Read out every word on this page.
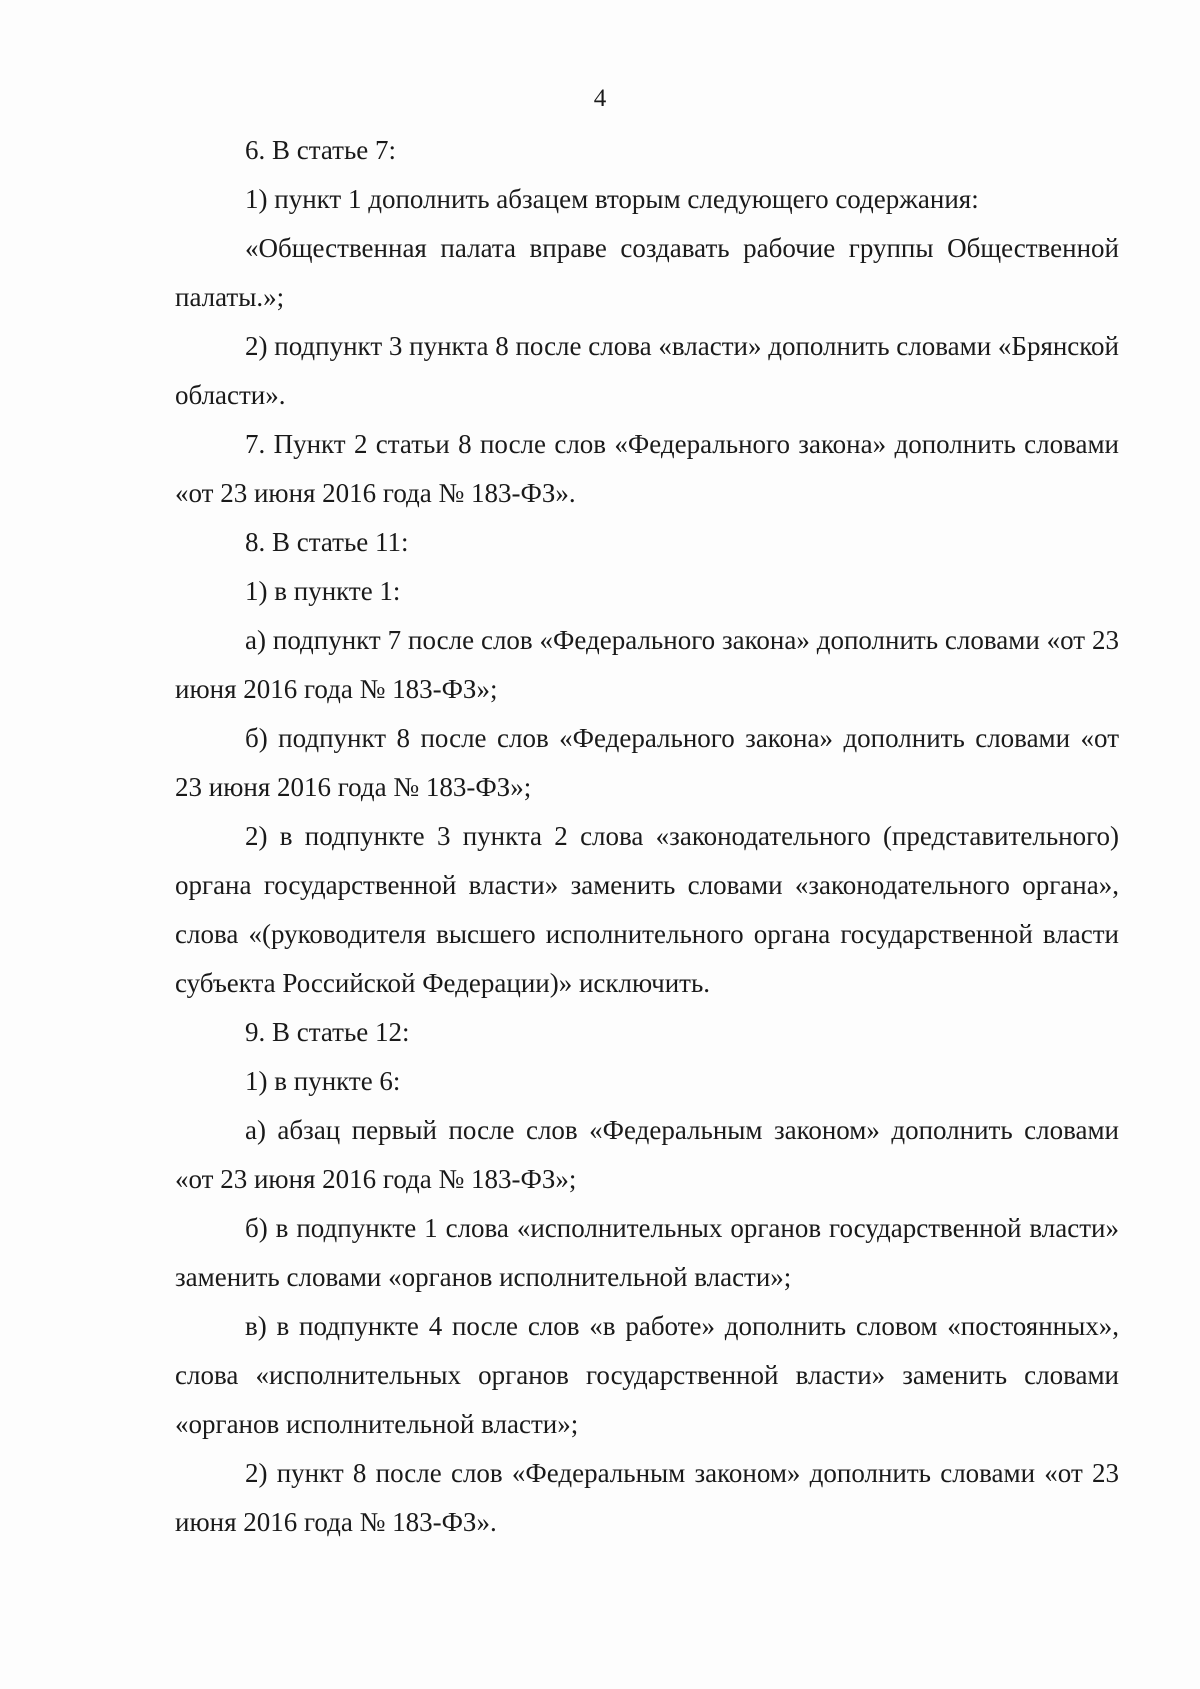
4

6. В статье 7:

1) пункт 1 дополнить абзацем вторым следующего содержания:

«Общественная палата вправе создавать рабочие группы Общественной палаты.»;

2) подпункт 3 пункта 8 после слова «власти» дополнить словами «Брянской области».

7. Пункт 2 статьи 8 после слов «Федерального закона» дополнить словами «от 23 июня 2016 года № 183-ФЗ».

8. В статье 11:

1) в пункте 1:

а) подпункт 7 после слов «Федерального закона» дополнить словами «от 23 июня 2016 года № 183-ФЗ»;

б) подпункт 8 после слов «Федерального закона» дополнить словами «от 23 июня 2016 года № 183-ФЗ»;

2) в подпункте 3 пункта 2 слова «законодательного (представительного) органа государственной власти» заменить словами «законодательного органа», слова «(руководителя высшего исполнительного органа государственной власти субъекта Российской Федерации)» исключить.

9. В статье 12:

1) в пункте 6:

а) абзац первый после слов «Федеральным законом» дополнить словами «от 23 июня 2016 года № 183-ФЗ»;

б) в подпункте 1 слова «исполнительных органов государственной власти» заменить словами «органов исполнительной власти»;

в) в подпункте 4 после слов «в работе» дополнить словом «постоянных», слова «исполнительных органов государственной власти» заменить словами «органов исполнительной власти»;

2) пункт 8 после слов «Федеральным законом» дополнить словами «от 23 июня 2016 года № 183-ФЗ».
